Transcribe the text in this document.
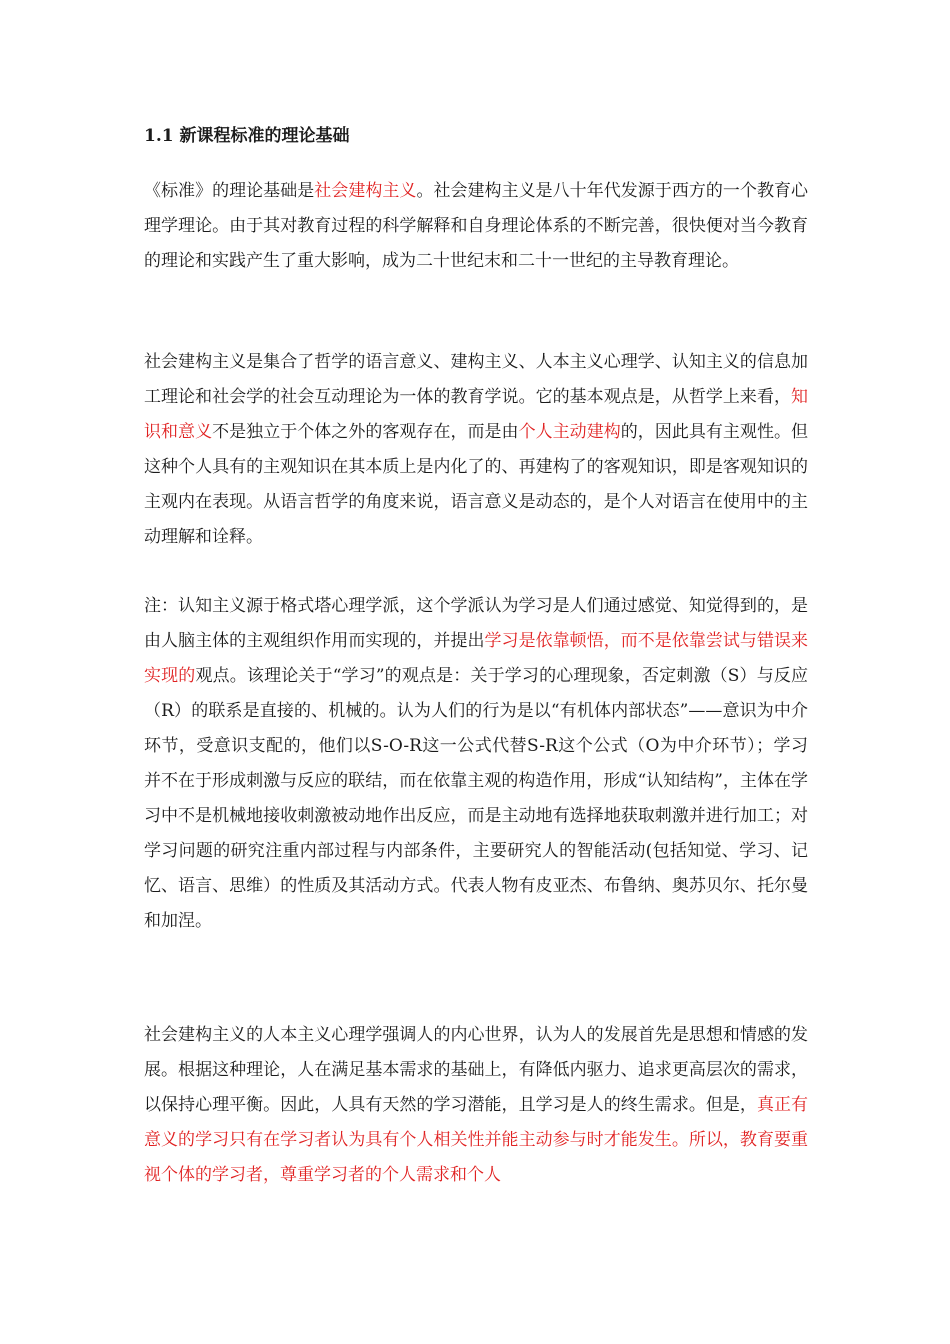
1.1 新课程标准的理论基础

《标准》的理论基础是社会建构主义。社会建构主义是八十年代发源于西方的一个教育心理学理论。由于其对教育过程的科学解释和自身理论体系的不断完善，很快便对当今教育的理论和实践产生了重大影响，成为二十世纪末和二十一世纪的主导教育理论。

社会建构主义是集合了哲学的语言意义、建构主义、人本主义心理学、认知主义的信息加工理论和社会学的社会互动理论为一体的教育学说。它的基本观点是，从哲学上来看，知识和意义不是独立于个体之外的客观存在，而是由个人主动建构的，因此具有主观性。但这种个人具有的主观知识在其本质上是内化了的、再建构了的客观知识，即是客观知识的主观内在表现。从语言哲学的角度来说，语言意义是动态的，是个人对语言在使用中的主动理解和诠释。

注：认知主义源于格式塔心理学派，这个学派认为学习是人们通过感觉、知觉得到的，是由人脑主体的主观组织作用而实现的，并提出学习是依靠顿悟，而不是依靠尝试与错误来实现的观点。该理论关于“学习”的观点是：关于学习的心理现象，否定刺激（S）与反应（R）的联系是直接的、机械的。认为人们的行为是以“有机体内部状态”——意识为中介环节，受意识支配的，他们以S-O-R这一公式代替S-R这个公式（O为中介环节）；学习并不在于形成刺激与反应的联结，而在依靠主观的构造作用，形成“认知结构”，主体在学习中不是机械地接收刺激被动地作出反应，而是主动地有选择地获取刺激并进行加工；对学习问题的研究注重内部过程与内部条件，主要研究人的智能活动(包括知觉、学习、记忆、语言、思维）的性质及其活动方式。代表人物有皮亚杰、布鲁纳、奥苏贝尔、托尔曼和加涅。

社会建构主义的人本主义心理学强调人的内心世界，认为人的发展首先是思想和情感的发展。根据这种理论，人在满足基本需求的基础上，有降低内驱力、追求更高层次的需求，以保持心理平衡。因此，人具有天然的学习潜能，且学习是人的终生需求。但是，真正有意义的学习只有在学习者认为具有个人相关性并能主动参与时才能发生。所以，教育要重视个体的学习者，尊重学习者的个人需求和个人
